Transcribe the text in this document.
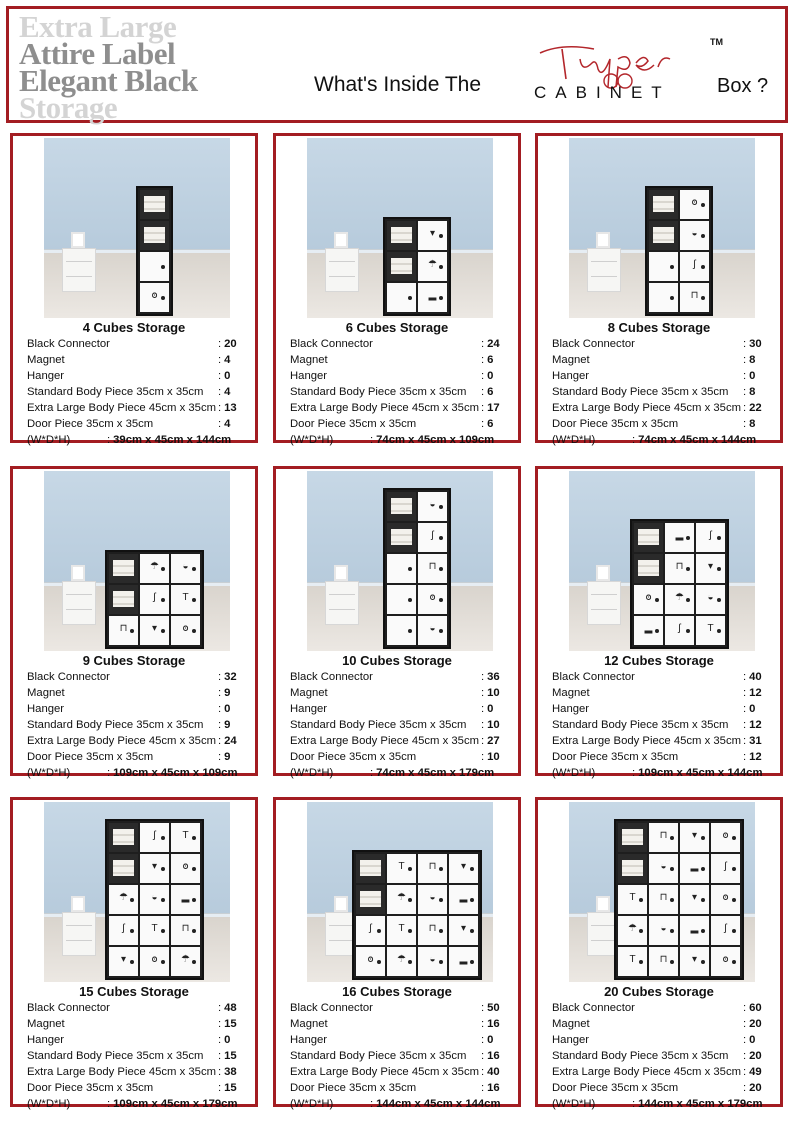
Extra Large
Attire Label
Elegant Black
Storage
What's Inside The	CABINET
TM
Box ?
ꙩ
4 Cubes Storage
Black Connector	: 20
Magnet	: 4
Hanger	: 0
Standard Body Piece 35cm x 35cm : 4
Extra Large Body Piece 45cm x 35cm : 13
Door Piece 35cm x 35cm	: 4
(W*D*H)	: 39cm x 45cm x 144cm
▾
☂
▂
6 Cubes Storage
Black Connector	: 24
Magnet	: 6
Hanger	: 0
Standard Body Piece 35cm x 35cm : 6
Extra Large Body Piece 45cm x 35cm : 17
Door Piece 35cm x 35cm	: 6
(W*D*H)	: 74cm x 45cm x 109cm
ꙩ
◒
ʃ
⊓
8 Cubes Storage
Black Connector	: 30
Magnet	: 8
Hanger	: 0
Standard Body Piece 35cm x 35cm : 8
Extra Large Body Piece 45cm x 35cm : 22
Door Piece 35cm x 35cm	: 8
(W*D*H)	: 74cm x 45cm x 144cm
☂ ◒
ʃ	T
⊓ ▾	ꙩ
9 Cubes Storage
Black Connector	: 32
Magnet	: 9
Hanger	: 0
Standard Body Piece 35cm x 35cm : 9
Extra Large Body Piece 45cm x 35cm : 24
Door Piece 35cm x 35cm	: 9
(W*D*H)	: 109cm x 45cm x 109cm
◒
ʃ
⊓
ꙩ
◒
10 Cubes Storage
Black Connector	: 36
Magnet	: 10
Hanger	: 0
Standard Body Piece 35cm x 35cm : 10
Extra Large Body Piece 45cm x 35cm : 27
Door Piece 35cm x 35cm	: 10
(W*D*H)	: 74cm x 45cm x 179cm
▂	ʃ
⊓ ▾
ꙩ ☂ ◒
▂	ʃ	T
12 Cubes Storage
Black Connector	: 40
Magnet	: 12
Hanger	: 0
Standard Body Piece 35cm x 35cm : 12
Extra Large Body Piece 45cm x 35cm : 31
Door Piece 35cm x 35cm	: 12
(W*D*H)	: 109cm x 45cm x 144cm
ʃ	T
▾	ꙩ
☂ ◒ ▂
ʃ	T ⊓
▾	ꙩ ☂
15 Cubes Storage
Black Connector	: 48
Magnet	: 15
Hanger	: 0
Standard Body Piece 35cm x 35cm : 15
Extra Large Body Piece 45cm x 35cm : 38
Door Piece 35cm x 35cm	: 15
(W*D*H)	: 109cm x 45cm x 179cm
T ⊓ ▾
☂ ◒ ▂
ʃ	T ⊓ ▾
ꙩ ☂ ◒ ▂
16 Cubes Storage
Black Connector	: 50
Magnet	: 16
Hanger	: 0
Standard Body Piece 35cm x 35cm : 16
Extra Large Body Piece 45cm x 35cm : 40
Door Piece 35cm x 35cm	: 16
(W*D*H)	: 144cm x 45cm x 144cm
⊓ ▾	ꙩ
◒ ▂	ʃ
T ⊓ ▾	ꙩ
☂ ◒ ▂	ʃ
T ⊓ ▾	ꙩ
20 Cubes Storage
Black Connector	: 60
Magnet	: 20
Hanger	: 0
Standard Body Piece 35cm x 35cm : 20
Extra Large Body Piece 45cm x 35cm : 49
Door Piece 35cm x 35cm	: 20
(W*D*H)	: 144cm x 45cm x 179cm
